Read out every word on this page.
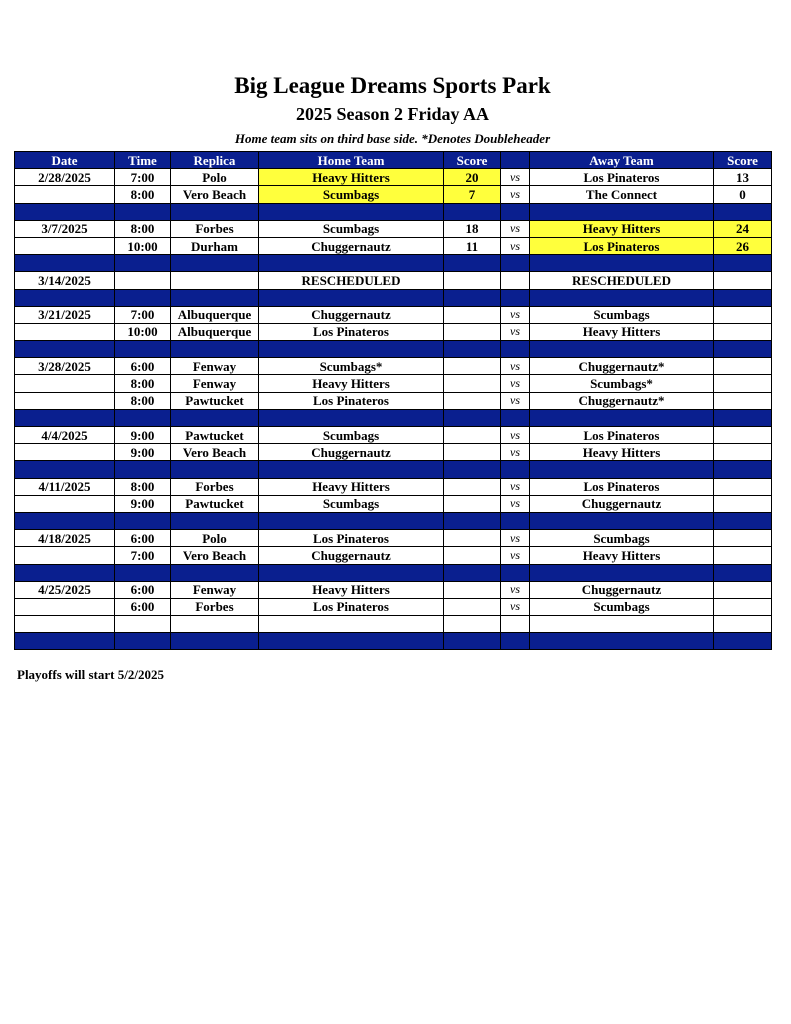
Big League Dreams Sports Park
2025 Season 2 Friday AA
Home team sits on third base side. *Denotes Doubleheader
Date	Time	Replica	Home Team	Score		Away Team	Score
2/28/2025	7:00	Polo	Heavy Hitters	20	vs	Los Pinateros	13
	8:00	Vero Beach	Scumbags	7	vs	The Connect	0

3/7/2025	8:00	Forbes	Scumbags	18	vs	Heavy Hitters	24
	10:00	Durham	Chuggernautz	11	vs	Los Pinateros	26

3/14/2025			RESCHEDULED			RESCHEDULED	

3/21/2025	7:00	Albuquerque	Chuggernautz		vs	Scumbags	
	10:00	Albuquerque	Los Pinateros		vs	Heavy Hitters	

3/28/2025	6:00	Fenway	Scumbags*		vs	Chuggernautz*	
	8:00	Fenway	Heavy Hitters		vs	Scumbags*	
	8:00	Pawtucket	Los Pinateros		vs	Chuggernautz*	

4/4/2025	9:00	Pawtucket	Scumbags		vs	Los Pinateros	
	9:00	Vero Beach	Chuggernautz		vs	Heavy Hitters	

4/11/2025	8:00	Forbes	Heavy Hitters		vs	Los Pinateros	
	9:00	Pawtucket	Scumbags		vs	Chuggernautz	

4/18/2025	6:00	Polo	Los Pinateros		vs	Scumbags	
	7:00	Vero Beach	Chuggernautz		vs	Heavy Hitters	

4/25/2025	6:00	Fenway	Heavy Hitters		vs	Chuggernautz	
	6:00	Forbes	Los Pinateros		vs	Scumbags	

Playoffs will start 5/2/2025
